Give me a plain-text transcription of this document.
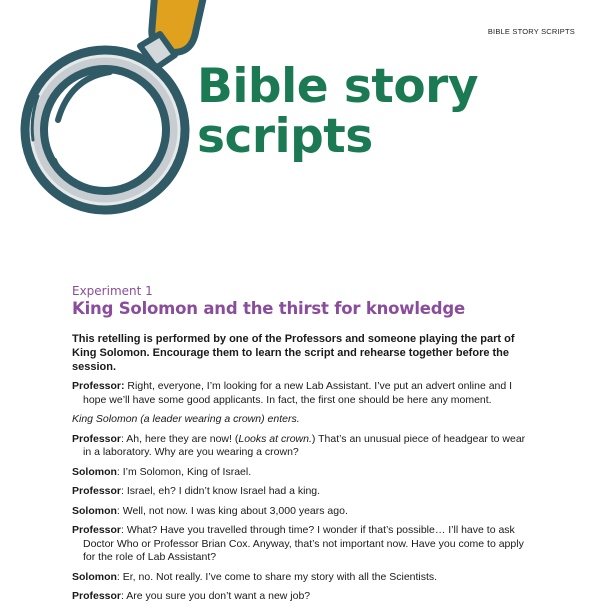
BIBLE STORY SCRIPTS
Bible story
scripts
Experiment 1
King Solomon and the thirst for knowledge

This retelling is performed by one of the Professors and someone playing the part of King Solomon. Encourage them to learn the script and rehearse together before the session.

Professor: Right, everyone, I’m looking for a new Lab Assistant. I’ve put an advert online and I hope we’ll have some good applicants. In fact, the first one should be here any moment.

King Solomon (a leader wearing a crown) enters.

Professor: Ah, here they are now! (Looks at crown.) That’s an unusual piece of headgear to wear in a laboratory. Why are you wearing a crown?

Solomon: I’m Solomon, King of Israel.

Professor: Israel, eh? I didn’t know Israel had a king.

Solomon: Well, not now. I was king about 3,000 years ago.

Professor: What? Have you travelled through time? I wonder if that’s possible… I’ll have to ask Doctor Who or Professor Brian Cox. Anyway, that’s not important now. Have you come to apply for the role of Lab Assistant?

Solomon: Er, no. Not really. I’ve come to share my story with all the Scientists.

Professor: Are you sure you don’t want a new job?
